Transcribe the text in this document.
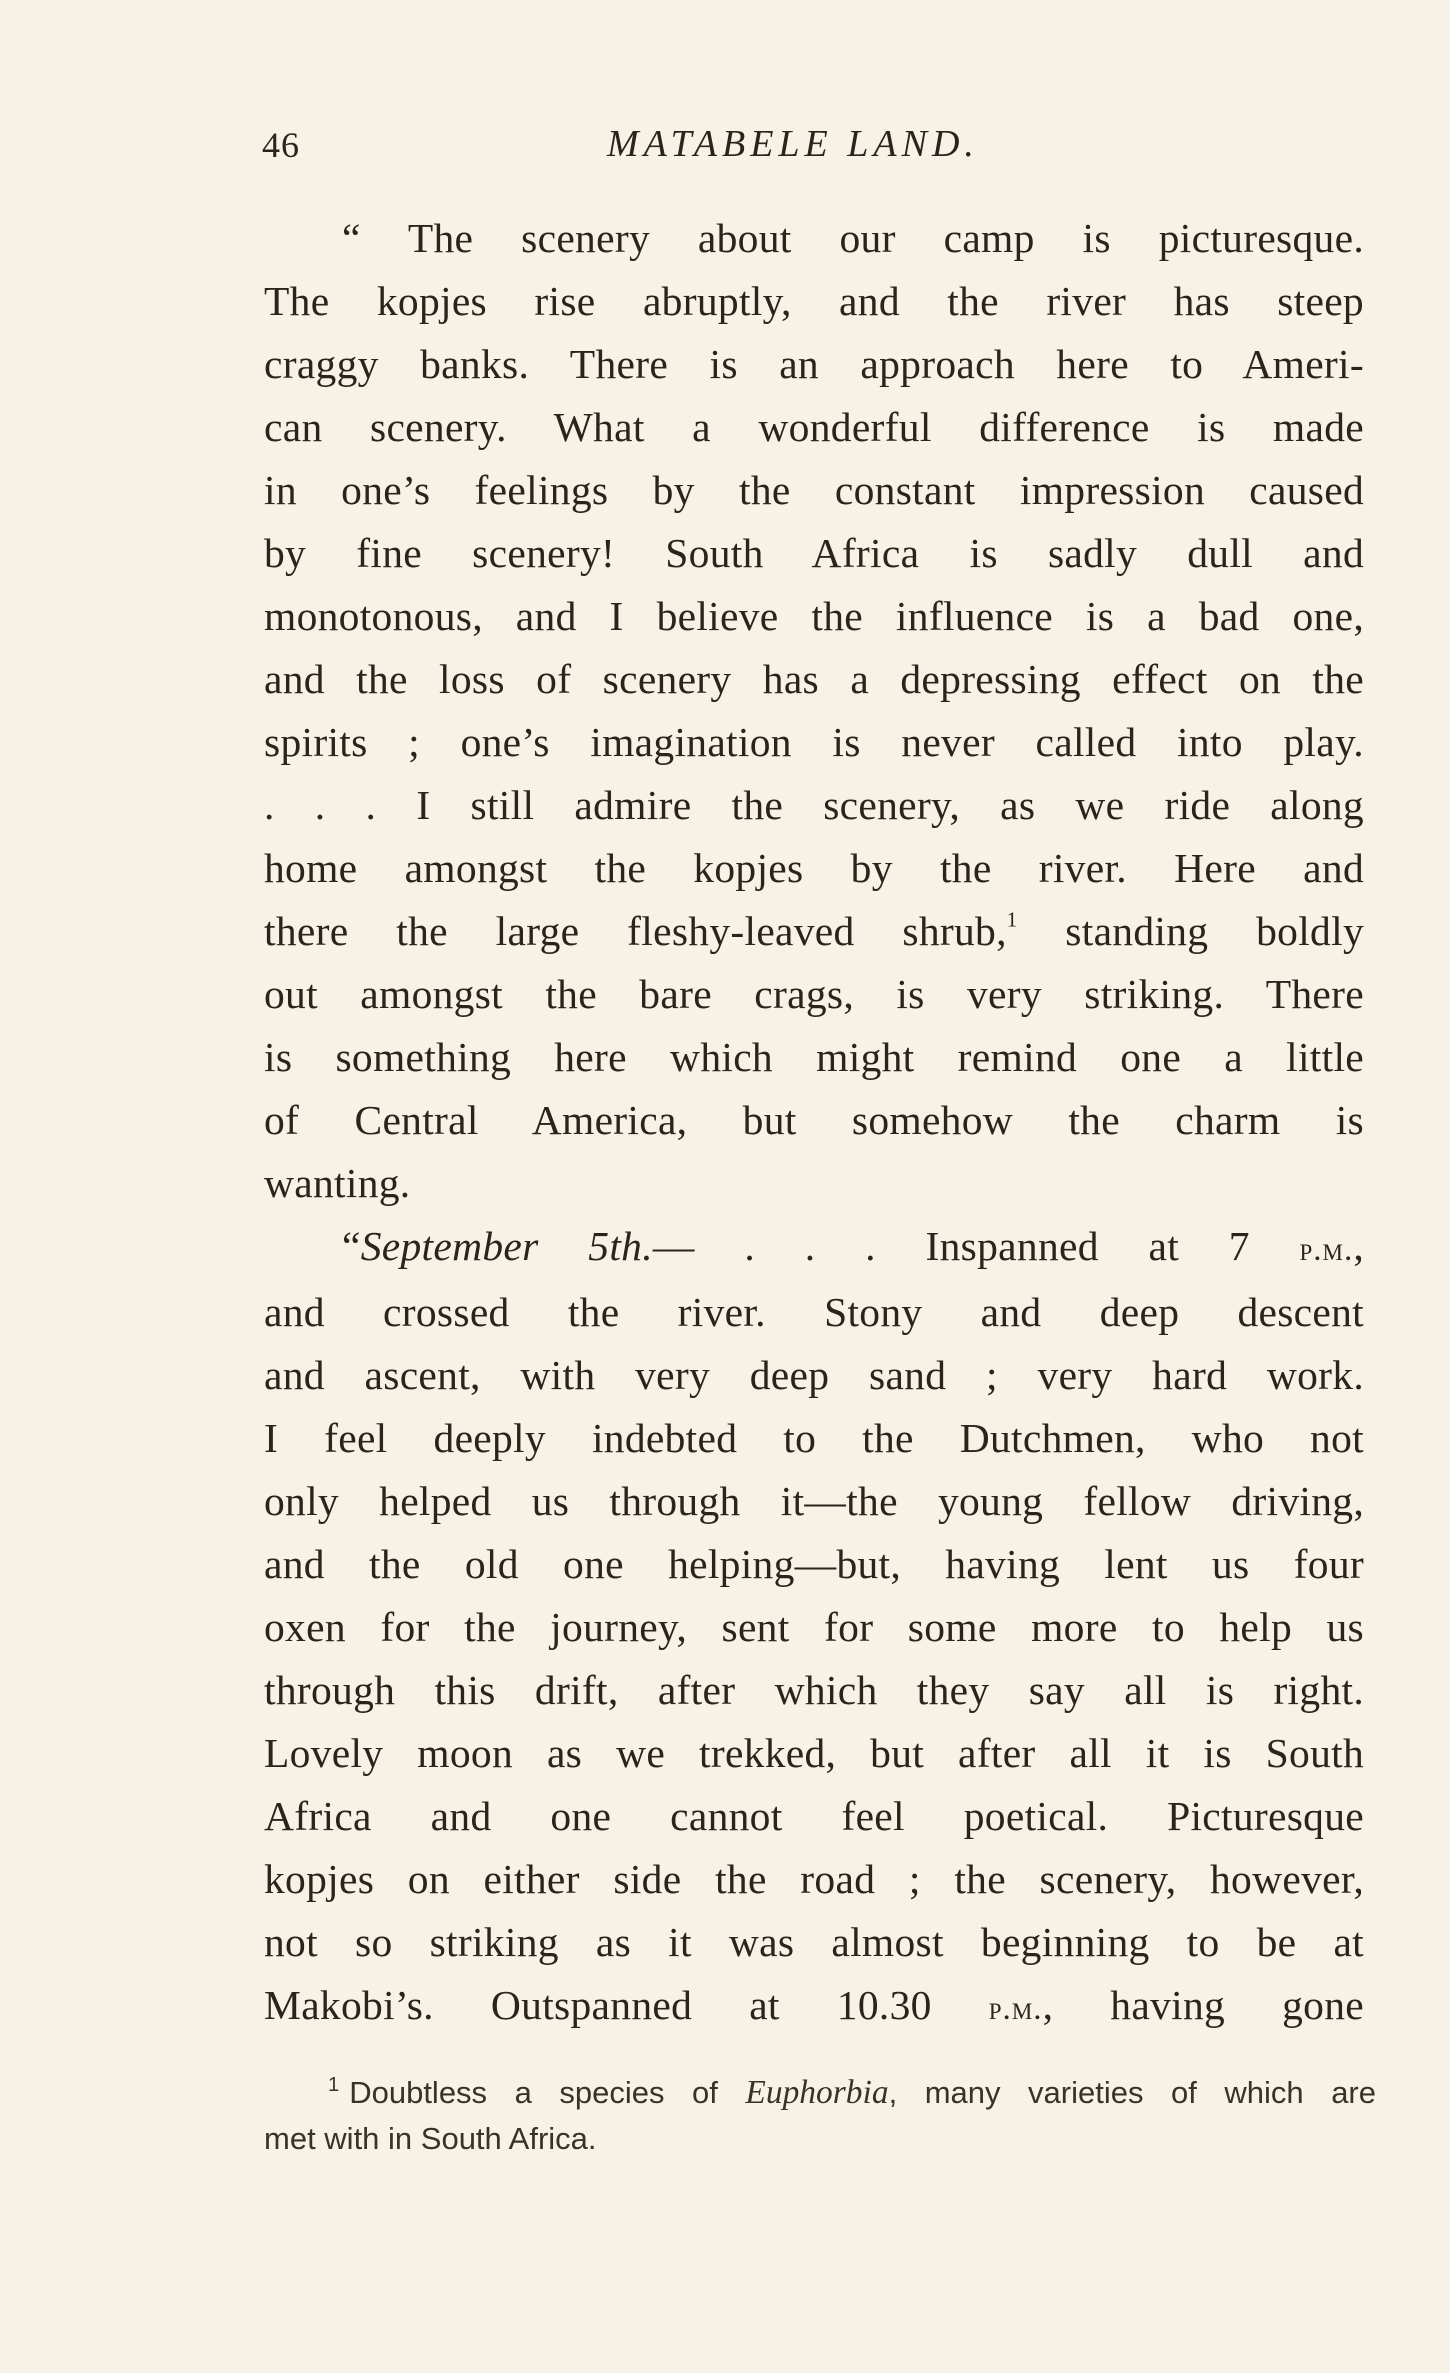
46	MATABELE LAND.
“ The scenery about our camp is picturesque.
The kopjes rise abruptly, and the river has steep
craggy banks. There is an approach here to Ameri-
can scenery. What a wonderful difference is made
in one’s feelings by the constant impression caused
by fine scenery! South Africa is sadly dull and
monotonous, and I believe the influence is a bad one,
and the loss of scenery has a depressing effect on the
spirits ; one’s imagination is never called into play.
. . . I still admire the scenery, as we ride along
home amongst the kopjes by the river. Here and
there the large fleshy-leaved shrub,$^1$ standing boldly
out amongst the bare crags, is very striking. There
is something here which might remind one a little
of Central America, but somehow the charm is
wanting.
“September 5th.— . . . Inspanned at 7 p.m.,
and crossed the river. Stony and deep descent
and ascent, with very deep sand ; very hard work.
I feel deeply indebted to the Dutchmen, who not
only helped us through it—the young fellow driving,
and the old one helping—but, having lent us four
oxen for the journey, sent for some more to help us
through this drift, after which they say all is right.
Lovely moon as we trekked, but after all it is South
Africa and one cannot feel poetical. Picturesque
kopjes on either side the road ; the scenery, however,
not so striking as it was almost beginning to be at
Makobi’s. Outspanned at 10.30 p.m., having gone
$^1$ Doubtless a species of Euphorbia, many varieties of which are
met with in South Africa.
